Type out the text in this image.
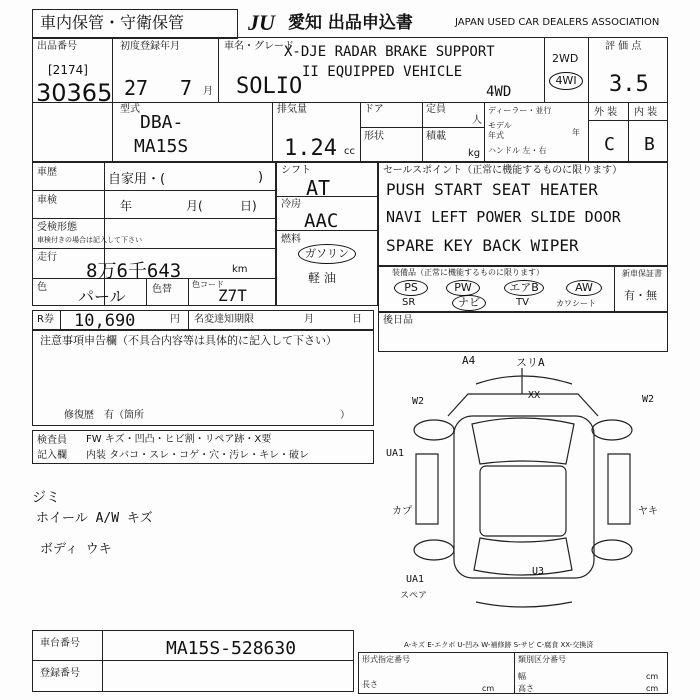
車内保管・守衛保管	JU 愛知 出品申込書	JAPAN USED CAR DEALERS ASSOCIATION
出品番号
[2174]
30365
初度登録年月
27 7 月
車名・グレード
X-DJE RADAR BRAKE SUPPORT
II EQUIPPED VEHICLE
SOLIO	4WD
2WD
4WI
評 価 点
3.5
外 装 内 装
C B
型式
DBA-
MA15S
排気量
1.24 cc
ドア	定員
人
形状	積載
kg
ディーラー・並行
モデル 年式	年
ハンドル 左・右
車歴	自家用・(	)
車検	年	月(	日)
受検形態
車検付きの場合は記入して下さい
走行
8万6千643	km
色 パール	色替	色コード
Z7T
シフト
AT
冷房
AAC
燃料
ガソリン
軽 油
セールスポイント（正常に機能するものに限ります）
PUSH START SEAT HEATER
NAVI LEFT POWER SLIDE DOOR
SPARE KEY BACK WIPER
装備品（正常に機能するものに限ります）
PS	PW	エアB	AW
SR	ナビ	TV	カワシート
新車保証書
有・無
R券 10,690	円 名変達知期限	月	日 後日品
注意事項申告欄（不具合内容等は具体的に記入して下さい）
修復歴　有（箇所	）
検査員
記入欄
FW キズ・凹凸・ヒビ割・リペア跡・X要
内装 タバコ・スレ・コゲ・穴・汚レ・キレ・破レ
ジミ
ホイール A/W キズ
ボディ ウキ
A4	スリA
W2
XX	W2
UA1
カプ
U3
UA1
スペア
ヤキ
A-キズ E-エクボ U-凹み W-補修跡 S-サビ C-腐食 XX-交換済
車台番号	MA15S-528630
登録番号
形式指定番号	類別区分番号
長さ	cm
幅	cm
高さ	cm
